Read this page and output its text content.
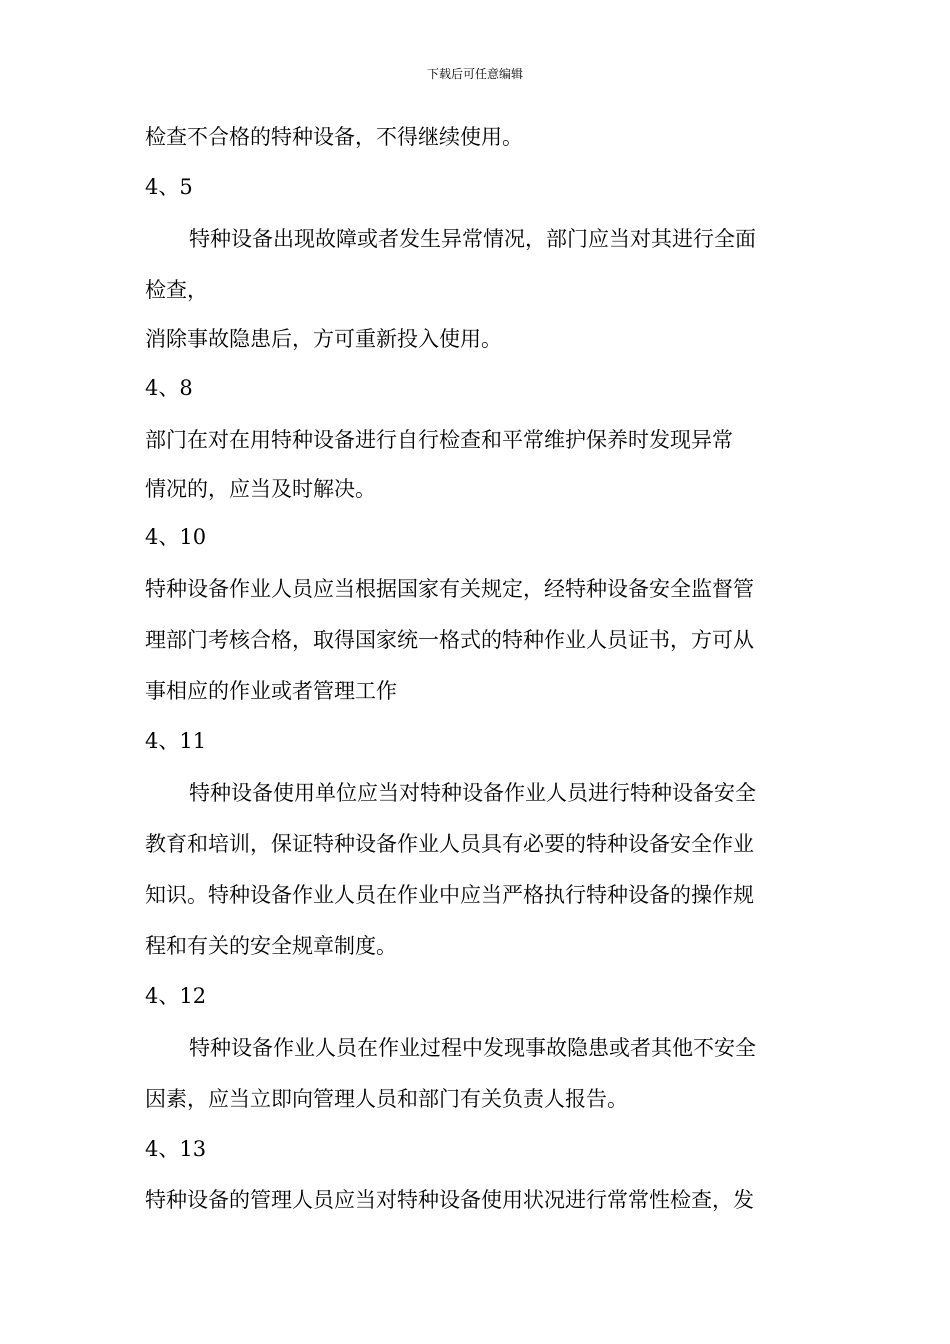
下载后可任意编辑
检查不合格的特种设备，不得继续使用。
4、5
特种设备出现故障或者发生异常情况，部门应当对其进行全面
检查，
消除事故隐患后，方可重新投入使用。
4、8
部门在对在用特种设备进行自行检查和平常维护保养时发现异常
情况的，应当及时解决。
4、10
特种设备作业人员应当根据国家有关规定，经特种设备安全监督管
理部门考核合格，取得国家统一格式的特种作业人员证书，方可从
事相应的作业或者管理工作
4、11
特种设备使用单位应当对特种设备作业人员进行特种设备安全
教育和培训，保证特种设备作业人员具有必要的特种设备安全作业
知识。特种设备作业人员在作业中应当严格执行特种设备的操作规
程和有关的安全规章制度。
4、12
特种设备作业人员在作业过程中发现事故隐患或者其他不安全
因素，应当立即向管理人员和部门有关负责人报告。
4、13
特种设备的管理人员应当对特种设备使用状况进行常常性检查，发
